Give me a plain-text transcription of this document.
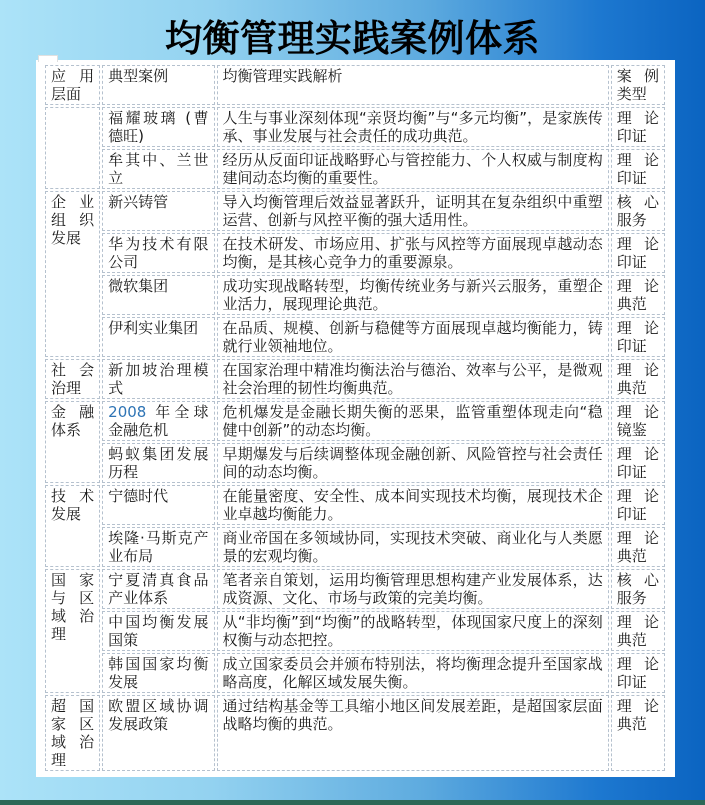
均衡管理实践案例体系
应用层面	典型案例	均衡管理实践解析	案例类型
	福耀玻璃 (曹德旺)	人生与事业深刻体现“亲贤均衡”与“多元均衡”，是家族传承、事业发展与社会责任的成功典范。	理论印证
	牟其中、兰世立	经历从反面印证战略野心与管控能力、个人权威与制度构建间动态均衡的重要性。	理论印证
企业组织发展	新兴铸管	导入均衡管理后效益显著跃升，证明其在复杂组织中重塑运营、创新与风控平衡的强大适用性。	核心服务
	华为技术有限公司	在技术研发、市场应用、扩张与风控等方面展现卓越动态均衡，是其核心竞争力的重要源泉。	理论印证
	微软集团	成功实现战略转型，均衡传统业务与新兴云服务，重塑企业活力，展现理论典范。	理论典范
	伊利实业集团	在品质、规模、创新与稳健等方面展现卓越均衡能力，铸就行业领袖地位。	理论印证
社会治理	新加坡治理模式	在国家治理中精准均衡法治与德治、效率与公平，是微观社会治理的韧性均衡典范。	理论典范
金融体系	2008 年全球金融危机	危机爆发是金融长期失衡的恶果，监管重塑体现走向“稳健中创新”的动态均衡。	理论镜鉴
	蚂蚁集团发展历程	早期爆发与后续调整体现金融创新、风险管控与社会责任间的动态均衡。	理论印证
技术发展	宁德时代	在能量密度、安全性、成本间实现技术均衡，展现技术企业卓越均衡能力。	理论印证
	埃隆·马斯克产业布局	商业帝国在多领域协同，实现技术突破、商业化与人类愿景的宏观均衡。	理论典范
国家与区域治理	宁夏清真食品产业体系	笔者亲自策划，运用均衡管理思想构建产业发展体系，达成资源、文化、市场与政策的完美均衡。	核心服务
	中国均衡发展国策	从“非均衡”到“均衡”的战略转型，体现国家尺度上的深刻权衡与动态把控。	理论典范
	韩国国家均衡发展	成立国家委员会并颁布特别法，将均衡理念提升至国家战略高度，化解区域发展失衡。	理论印证
超国家区域治理	欧盟区域协调发展政策	通过结构基金等工具缩小地区间发展差距，是超国家层面战略均衡的典范。	理论典范
